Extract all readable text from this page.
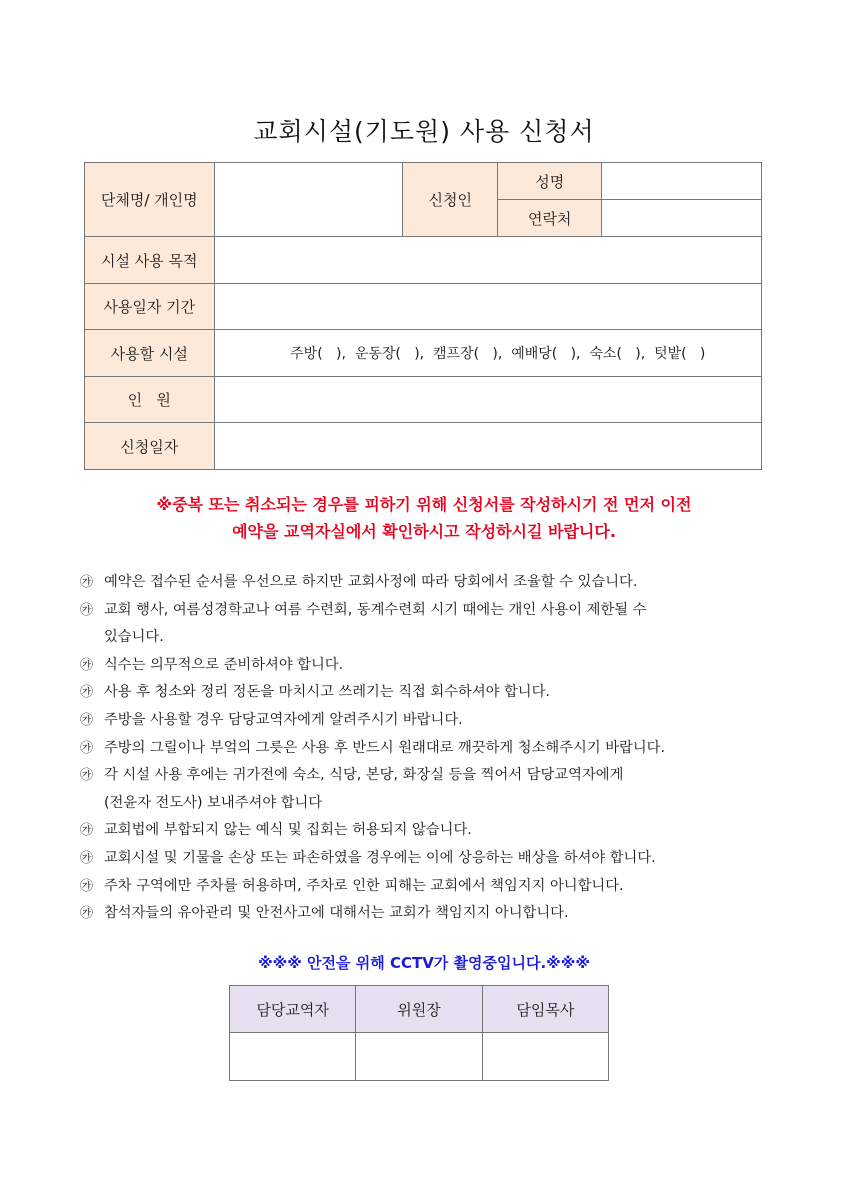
교회시설(기도원) 사용 신청서
단체명/ 개인명		신청인	성명	
			연락처	
시설 사용 목적				
사용일자 기간				
사용할 시설	주방(   ),  운동장(   ),  캠프장(   ),  예배당(   ),  숙소(   ),  텃밭(   )			
인   원				
신청일자				
※중복 또는 취소되는 경우를 피하기 위해 신청서를 작성하시기 전 먼저 이전
예약을 교역자실에서 확인하시고 작성하시길 바랍니다.
㉮ 예약은 접수된 순서를 우선으로 하지만 교회사정에 따라 당회에서 조율할 수 있습니다.
㉮ 교회 행사, 여름성경학교나 여름 수련회, 동계수련회 시기 때에는 개인 사용이 제한될 수
있습니다.
㉮ 식수는 의무적으로 준비하셔야 합니다.
㉮ 사용 후 청소와 정리 정돈을 마치시고 쓰레기는 직접 회수하셔야 합니다.
㉮ 주방을 사용할 경우 담당교역자에게 알려주시기 바랍니다.
㉮ 주방의 그릴이나 부엌의 그릇은 사용 후 반드시 원래대로 깨끗하게 청소해주시기 바랍니다.
㉮ 각 시설 사용 후에는 귀가전에 숙소, 식당, 본당, 화장실 등을 찍어서 담당교역자에게
(전윤자 전도사) 보내주셔야 합니다
㉮ 교회법에 부합되지 않는 예식 및 집회는 허용되지 않습니다.
㉮ 교회시설 및 기물을 손상 또는 파손하였을 경우에는 이에 상응하는 배상을 하셔야 합니다.
㉮ 주차 구역에만 주차를 허용하며, 주차로 인한 피해는 교회에서 책임지지 아니합니다.
㉮ 참석자들의 유아관리 및 안전사고에 대해서는 교회가 책임지지 아니합니다.
※※※ 안전을 위해 CCTV가 촬영중입니다.※※※
담당교역자	위원장	담임목사
